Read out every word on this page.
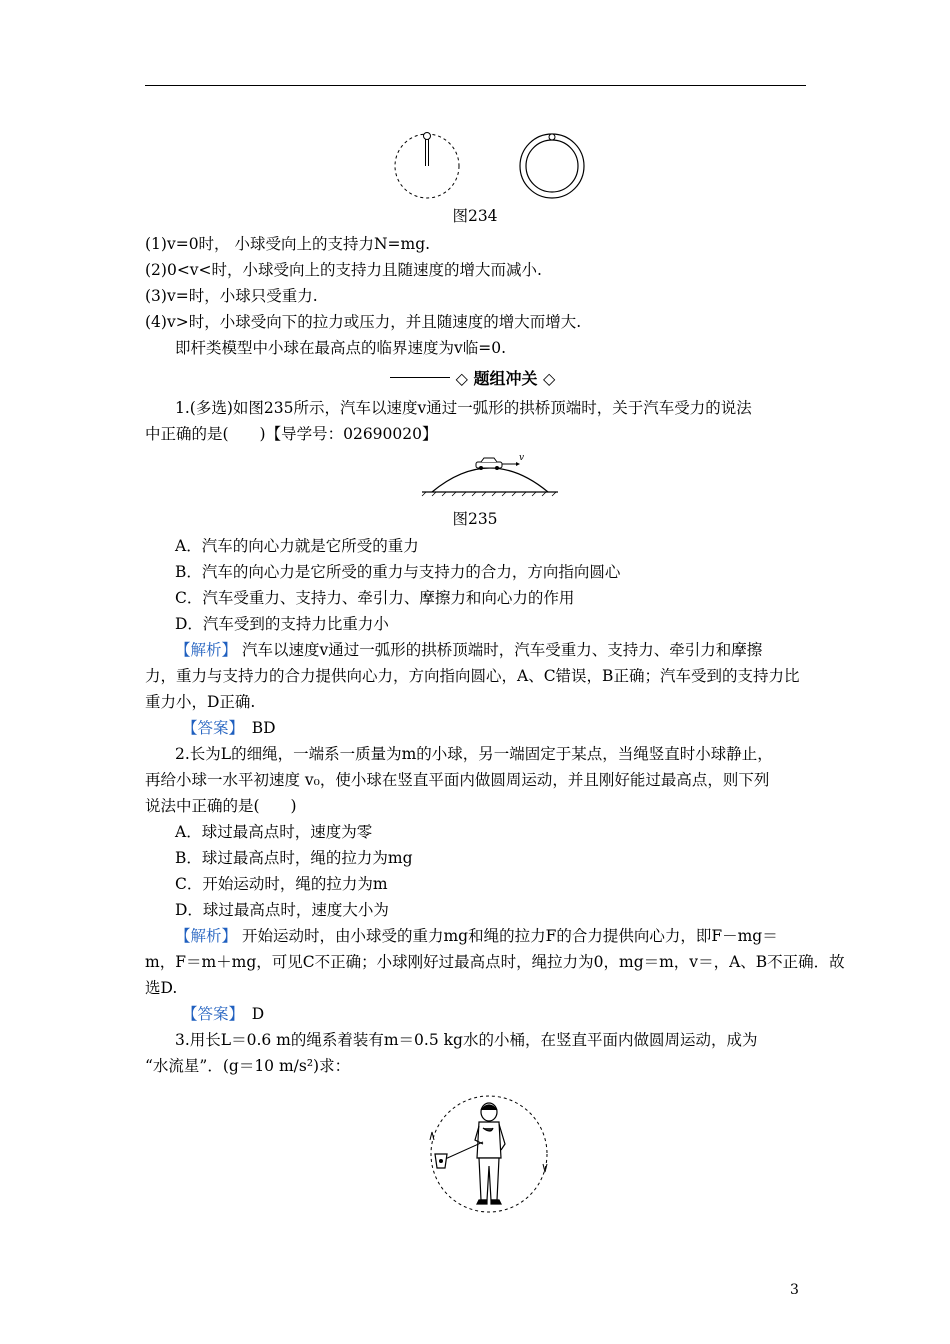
图234
(1)v=0时， 小球受向上的支持力N=mg.
(2)0<v<时，小球受向上的支持力且随速度的增大而减小.
(3)v=时，小球只受重力.
(4)v>时，小球受向下的拉力或压力，并且随速度的增大而增大.
即杆类模型中小球在最高点的临界速度为v临=0.
◇ 题组冲关 ◇
1.(多选)如图235所示，汽车以速度v通过一弧形的拱桥顶端时，关于汽车受力的说法
中正确的是(　　)【导学号：02690020】
v
图235
A．汽车的向心力就是它所受的重力
B．汽车的向心力是它所受的重力与支持力的合力，方向指向圆心
C．汽车受重力、支持力、牵引力、摩擦力和向心力的作用
D．汽车受到的支持力比重力小
【解析】 汽车以速度v通过一弧形的拱桥顶端时，汽车受重力、支持力、牵引力和摩擦
力，重力与支持力的合力提供向心力，方向指向圆心，A、C错误，B正确；汽车受到的支持力比
重力小，D正确.
【答案】　 BD
2.长为L的细绳，一端系一质量为m的小球，另一端固定于某点，当绳竖直时小球静止，
再给小球一水平初速度 v₀，使小球在竖直平面内做圆周运动，并且刚好能过最高点，则下列
说法中正确的是(　　)
A．球过最高点时，速度为零
B．球过最高点时，绳的拉力为mg
C．开始运动时，绳的拉力为m
D．球过最高点时，速度大小为
【解析】 开始运动时，由小球受的重力mg和绳的拉力F的合力提供向心力，即F－mg＝
m，F＝m＋mg，可见C不正确；小球刚好过最高点时，绳拉力为0，mg＝m，v＝，A、B不正确．故
选D.
【答案】　 D
3.用长L＝0.6 m的绳系着装有m＝0.5 kg水的小桶，在竖直平面内做圆周运动，成为
“水流星”．(g＝10 m/s²)求：
3
